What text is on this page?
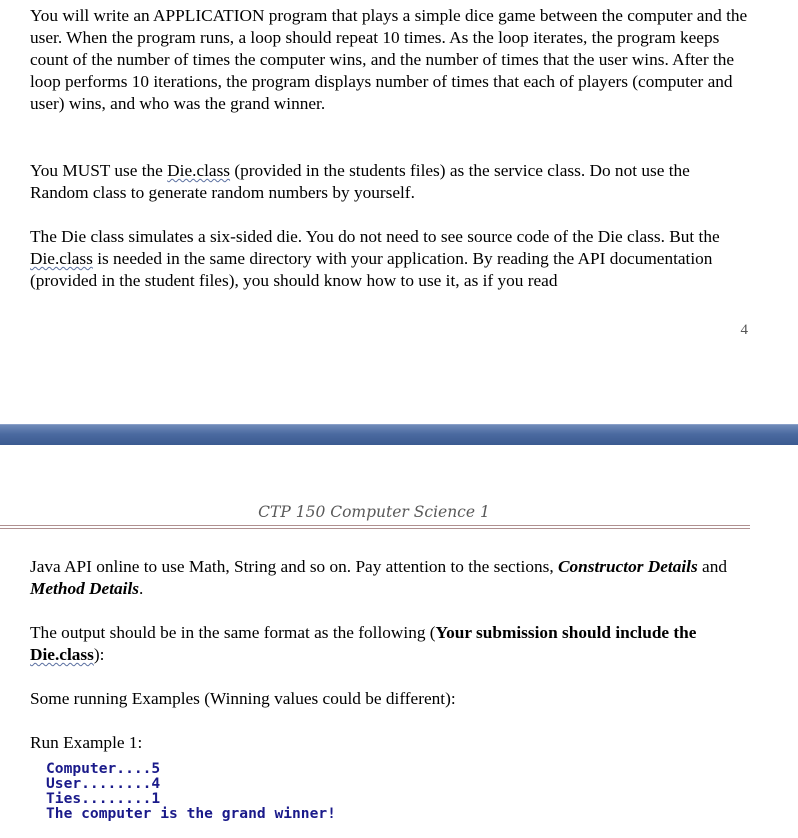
You will write an APPLICATION program that plays a simple dice game between the computer and the user. When the program runs, a loop should repeat 10 times. As the loop iterates, the program keeps count of the number of times the computer wins, and the number of times that the user wins. After the loop performs 10 iterations, the program displays number of times that each of players (computer and user) wins, and who was the grand winner.

You MUST use the Die.class (provided in the students files) as the service class. Do not use the Random class to generate random numbers by yourself.

The Die class simulates a six-sided die. You do not need to see source code of the Die class. But the Die.class is needed in the same directory with your application. By reading the API documentation (provided in the student files), you should know how to use it, as if you read

4
CTP 150 Computer Science 1

Java API online to use Math, String and so on. Pay attention to the sections, Constructor Details and Method Details.

The output should be in the same format as the following (Your submission should include the Die.class):

Some running Examples (Winning values could be different):

Run Example 1:

Computer....5
User........4
Ties........1
The computer is the grand winner!
